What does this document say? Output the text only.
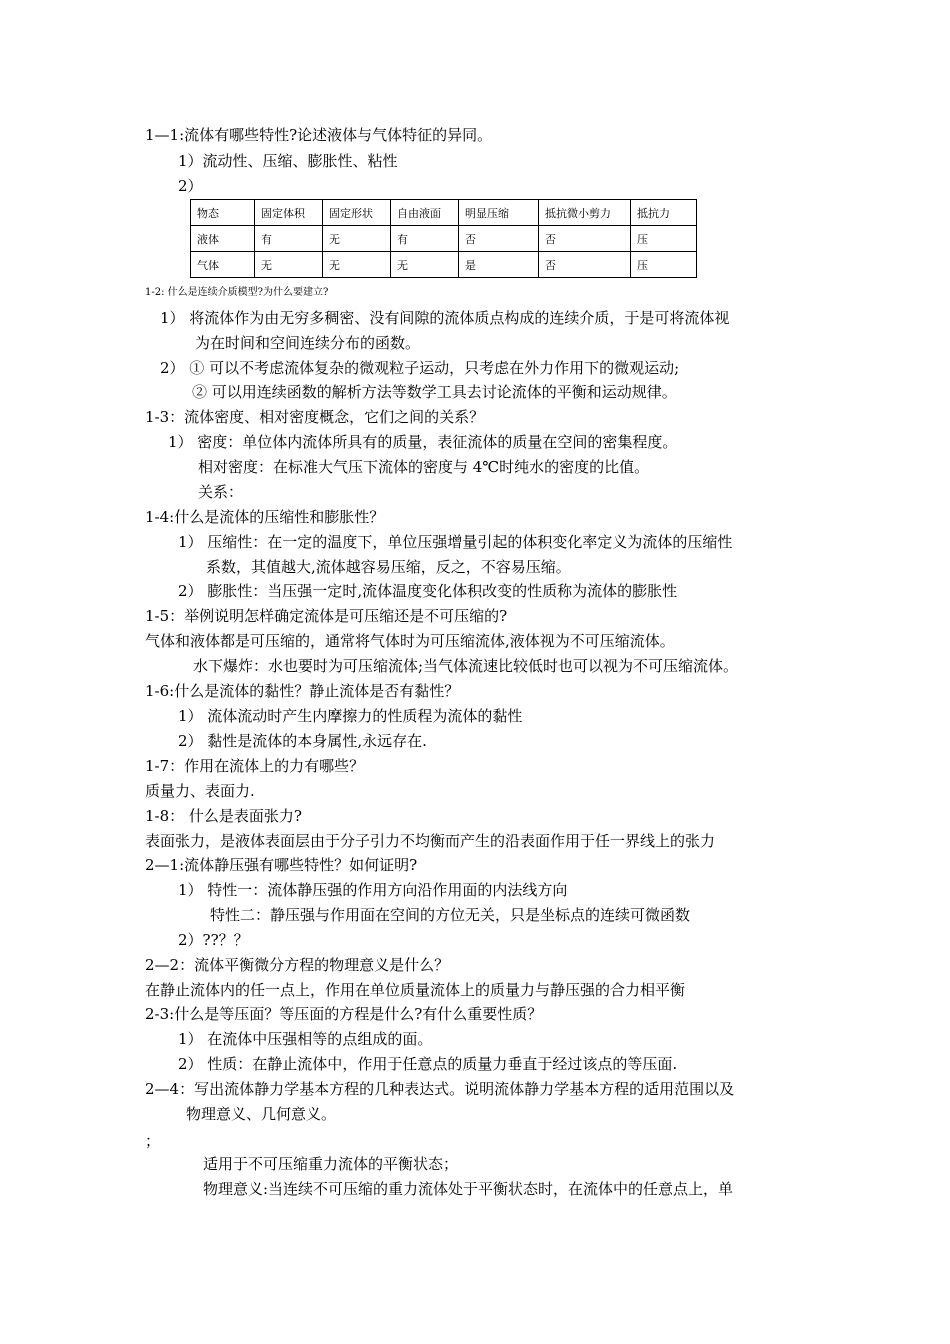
1—1:流体有哪些特性?论述液体与气体特征的异同。
1）流动性、压缩、膨胀性、粘性
2）
物态	固定体积	固定形状	自由液面	明显压缩	抵抗微小剪力	抵抗力
液体	有	无	有	否	否	压
气体	无	无	无	是	否	压
1-2: 什么是连续介质模型?为什么要建立?
1） 将流体作为由无穷多稠密、没有间隙的流体质点构成的连续介质，于是可将流体视
为在时间和空间连续分布的函数。
2） ① 可以不考虑流体复杂的微观粒子运动，只考虑在外力作用下的微观运动;
② 可以用连续函数的解析方法等数学工具去讨论流体的平衡和运动规律。
1-3：流体密度、相对密度概念，它们之间的关系？
1） 密度：单位体内流体所具有的质量，表征流体的质量在空间的密集程度。
相对密度：在标准大气压下流体的密度与 4℃时纯水的密度的比值。
关系：
1-4:什么是流体的压缩性和膨胀性？
1） 压缩性：在一定的温度下，单位压强增量引起的体积变化率定义为流体的压缩性
系数，其值越大,流体越容易压缩，反之，不容易压缩。
2） 膨胀性：当压强一定时,流体温度变化体积改变的性质称为流体的膨胀性
1-5：举例说明怎样确定流体是可压缩还是不可压缩的?
气体和液体都是可压缩的，通常将气体时为可压缩流体,液体视为不可压缩流体。
水下爆炸：水也要时为可压缩流体;当气体流速比较低时也可以视为不可压缩流体。
1-6:什么是流体的黏性？静止流体是否有黏性？
1） 流体流动时产生内摩擦力的性质程为流体的黏性
2） 黏性是流体的本身属性,永远存在.
1-7：作用在流体上的力有哪些？
质量力、表面力.
1-8： 什么是表面张力?
表面张力，是液体表面层由于分子引力不均衡而产生的沿表面作用于任一界线上的张力
2—1:流体静压强有哪些特性？如何证明?
1） 特性一：流体静压强的作用方向沿作用面的内法线方向
特性二：静压强与作用面在空间的方位无关，只是坐标点的连续可微函数
2）??？？
2—2：流体平衡微分方程的物理意义是什么？
在静止流体内的任一点上，作用在单位质量流体上的质量力与静压强的合力相平衡
2-3:什么是等压面？等压面的方程是什么?有什么重要性质？
1） 在流体中压强相等的点组成的面。
2） 性质：在静止流体中，作用于任意点的质量力垂直于经过该点的等压面.
2—4：写出流体静力学基本方程的几种表达式。说明流体静力学基本方程的适用范围以及
物理意义、几何意义。
；
适用于不可压缩重力流体的平衡状态；
物理意义:当连续不可压缩的重力流体处于平衡状态时，在流体中的任意点上，单
